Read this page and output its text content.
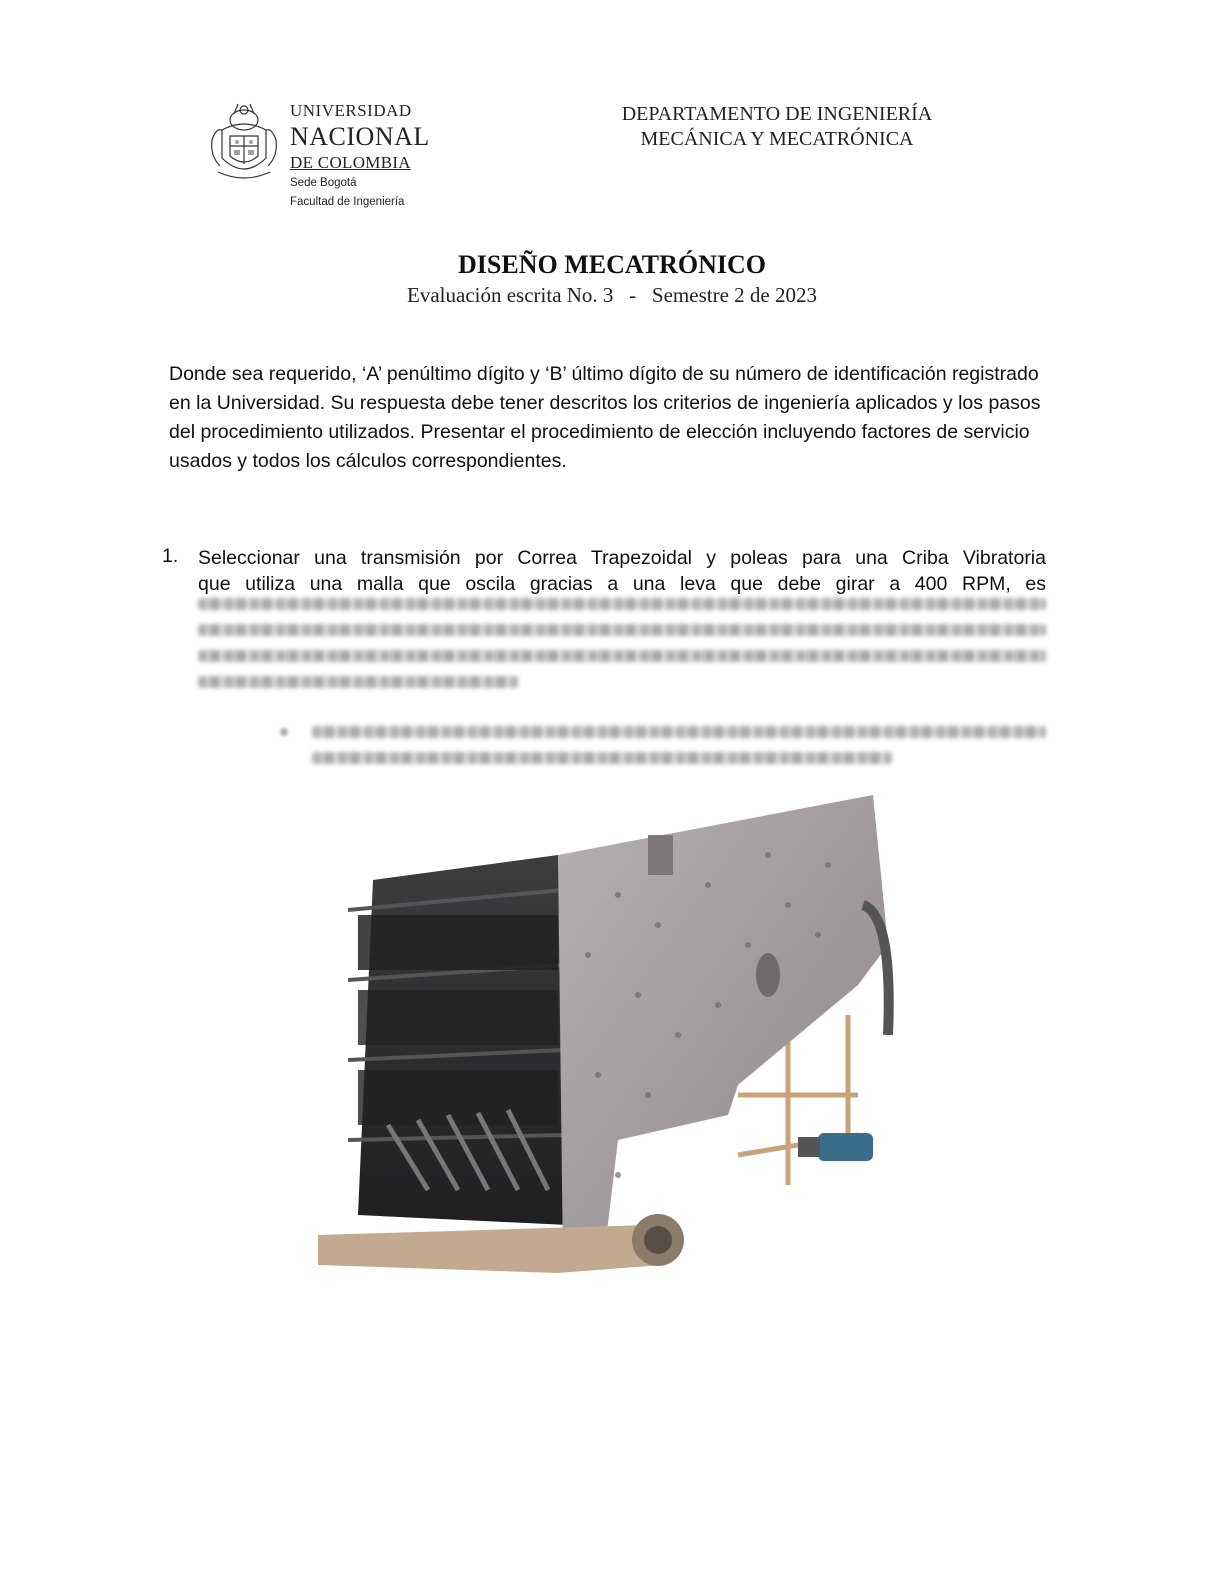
UNIVERSIDAD
NACIONAL
DE COLOMBIA
Sede Bogotá
Facultad de Ingeniería
DEPARTAMENTO DE INGENIERÍA
MECÁNICA Y MECATRÓNICA
DISEÑO MECATRÓNICO
Evaluación escrita No. 3   -   Semestre 2 de 2023
Donde sea requerido, ‘A’ penúltimo dígito y ‘B’ último dígito de su número de identificación registrado en la Universidad. Su respuesta debe tener descritos los criterios de ingeniería aplicados y los pasos del procedimiento utilizados. Presentar el procedimiento de elección incluyendo factores de servicio usados y todos los cálculos correspondientes.
1. Seleccionar una transmisión por Correa Trapezoidal y poleas para una Criba Vibratoria
que utiliza una malla que oscila gracias a una leva que debe girar a 400 RPM, es
